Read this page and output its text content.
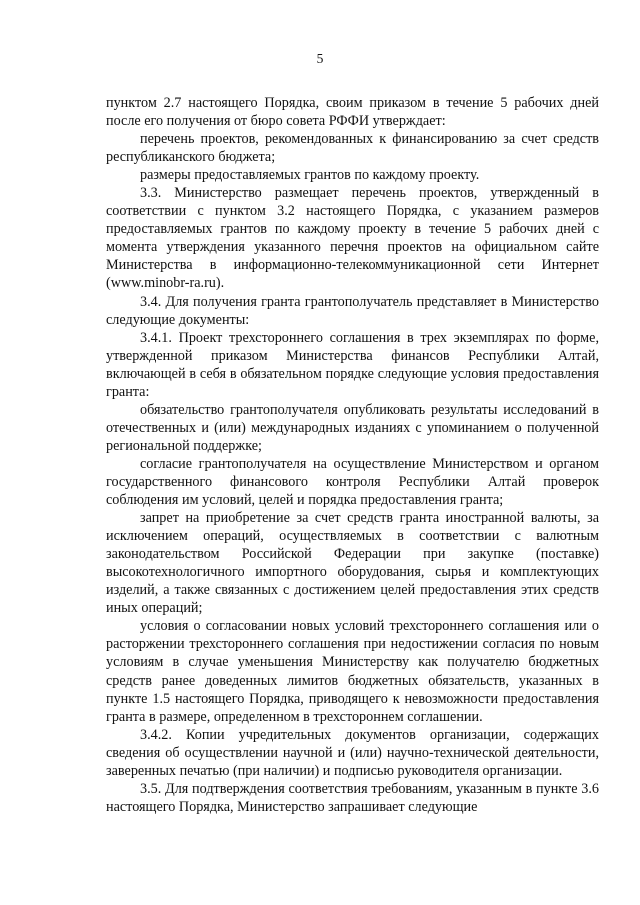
5

пунктом 2.7 настоящего Порядка, своим приказом в течение 5 рабочих дней после его получения от бюро совета РФФИ утверждает:

перечень проектов, рекомендованных к финансированию за счет средств республиканского бюджета;

размеры предоставляемых грантов по каждому проекту.

3.3. Министерство размещает перечень проектов, утвержденный в соответствии с пунктом 3.2 настоящего Порядка, с указанием размеров предоставляемых грантов по каждому проекту в течение 5 рабочих дней с момента утверждения указанного перечня проектов на официальном сайте Министерства в информационно-телекоммуникационной сети Интернет (www.minobr-ra.ru).

3.4. Для получения гранта грантополучатель представляет в Министерство следующие документы:

3.4.1. Проект трехстороннего соглашения в трех экземплярах по форме, утвержденной приказом Министерства финансов Республики Алтай, включающей в себя в обязательном порядке следующие условия предоставления гранта:

обязательство грантополучателя опубликовать результаты исследований в отечественных и (или) международных изданиях с упоминанием о полученной региональной поддержке;

согласие грантополучателя на осуществление Министерством и органом государственного финансового контроля Республики Алтай проверок соблюдения им условий, целей и порядка предоставления гранта;

запрет на приобретение за счет средств гранта иностранной валюты, за исключением операций, осуществляемых в соответствии с валютным законодательством Российской Федерации при закупке (поставке) высокотехнологичного импортного оборудования, сырья и комплектующих изделий, а также связанных с достижением целей предоставления этих средств иных операций;

условия о согласовании новых условий трехстороннего соглашения или о расторжении трехстороннего соглашения при недостижении согласия по новым условиям в случае уменьшения Министерству как получателю бюджетных средств ранее доведенных лимитов бюджетных обязательств, указанных в пункте 1.5 настоящего Порядка, приводящего к невозможности предоставления гранта в размере, определенном в трехстороннем соглашении.

3.4.2. Копии учредительных документов организации, содержащих сведения об осуществлении научной и (или) научно-технической деятельности, заверенных печатью (при наличии) и подписью руководителя организации.

3.5. Для подтверждения соответствия требованиям, указанным в пункте 3.6 настоящего Порядка, Министерство запрашивает следующие
